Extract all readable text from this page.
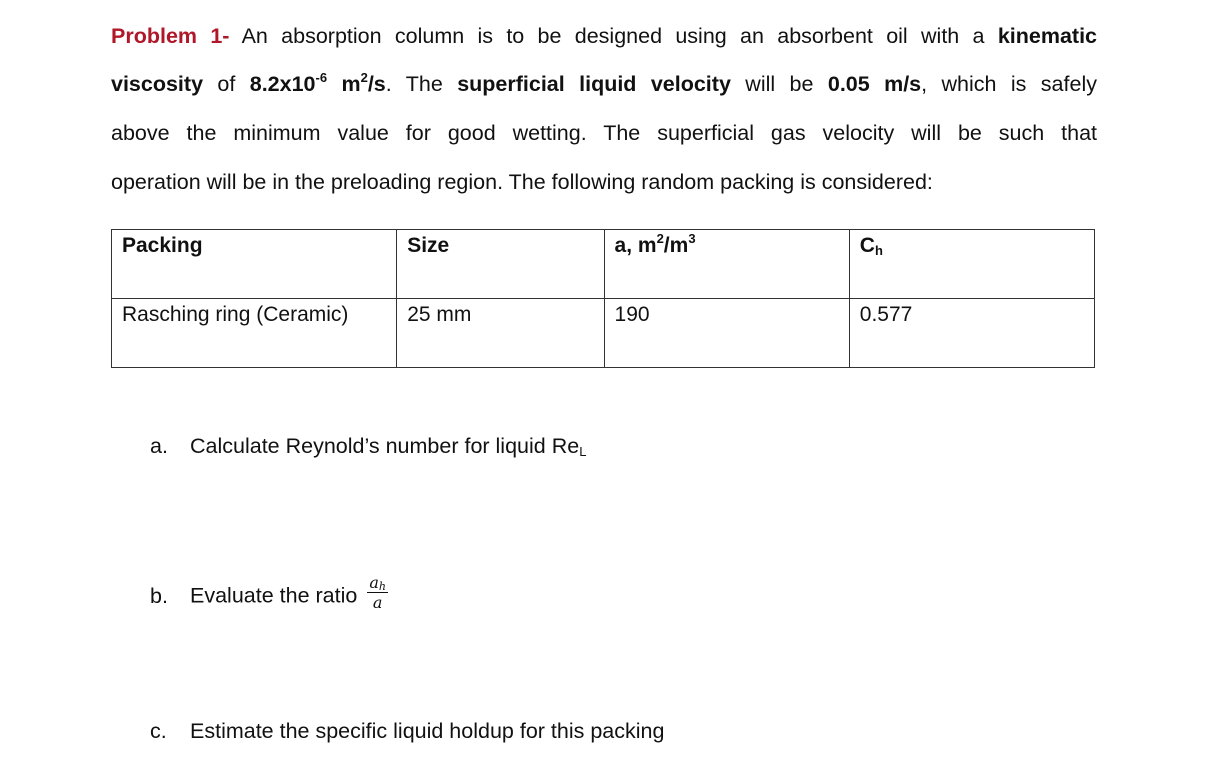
Problem 1- An absorption column is to be designed using an absorbent oil with a kinematic
viscosity of $8.2x10^{-6}$ $m^2/s$. The superficial liquid velocity will be 0.05 m/s, which is safely
above the minimum value for good wetting. The superficial gas velocity will be such that
operation will be in the preloading region. The following random packing is considered:
Packing	Size	a, $m^2/m^3$	$C_h$
Rasching ring (Ceramic)	25 mm	190	0.577
a. Calculate Reynold’s number for liquid $Re_L$
b. Evaluate the ratio $\frac{a_h}{a}$
c. Estimate the specific liquid holdup for this packing
